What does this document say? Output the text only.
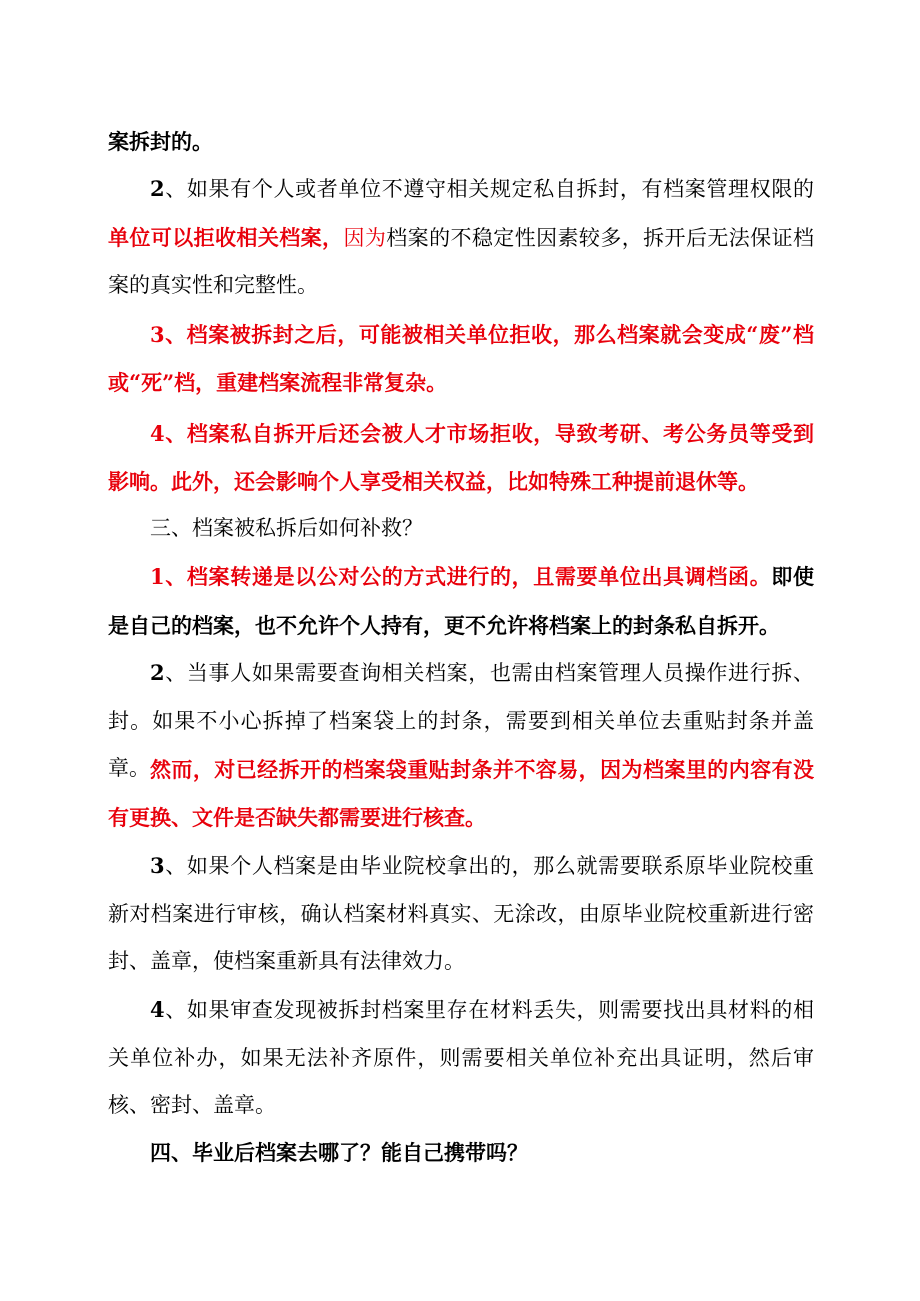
案拆封的。

2、如果有个人或者单位不遵守相关规定私自拆封，有档案管理权限的单位可以拒收相关档案，因为档案的不稳定性因素较多，拆开后无法保证档案的真实性和完整性。

3、档案被拆封之后，可能被相关单位拒收，那么档案就会变成“废”档或“死”档，重建档案流程非常复杂。

4、档案私自拆开后还会被人才市场拒收，导致考研、考公务员等受到影响。此外，还会影响个人享受相关权益，比如特殊工种提前退休等。

三、档案被私拆后如何补救？

1、档案转递是以公对公的方式进行的，且需要单位出具调档函。即使是自己的档案，也不允许个人持有，更不允许将档案上的封条私自拆开。

2、当事人如果需要查询相关档案，也需由档案管理人员操作进行拆、封。如果不小心拆掉了档案袋上的封条，需要到相关单位去重贴封条并盖章。 然而，对已经拆开的档案袋重贴封条并不容易，因为档案里的内容有没有更换、文件是否缺失都需要进行核查。

3、如果个人档案是由毕业院校拿出的，那么就需要联系原毕业院校重新对档案进行审核，确认档案材料真实、无涂改，由原毕业院校重新进行密封、盖章，使档案重新具有法律效力。

4、如果审查发现被拆封档案里存在材料丢失，则需要找出具材料的相关单位补办，如果无法补齐原件，则需要相关单位补充出具证明，然后审核、密封、盖章。

四、毕业后档案去哪了？能自己携带吗？
